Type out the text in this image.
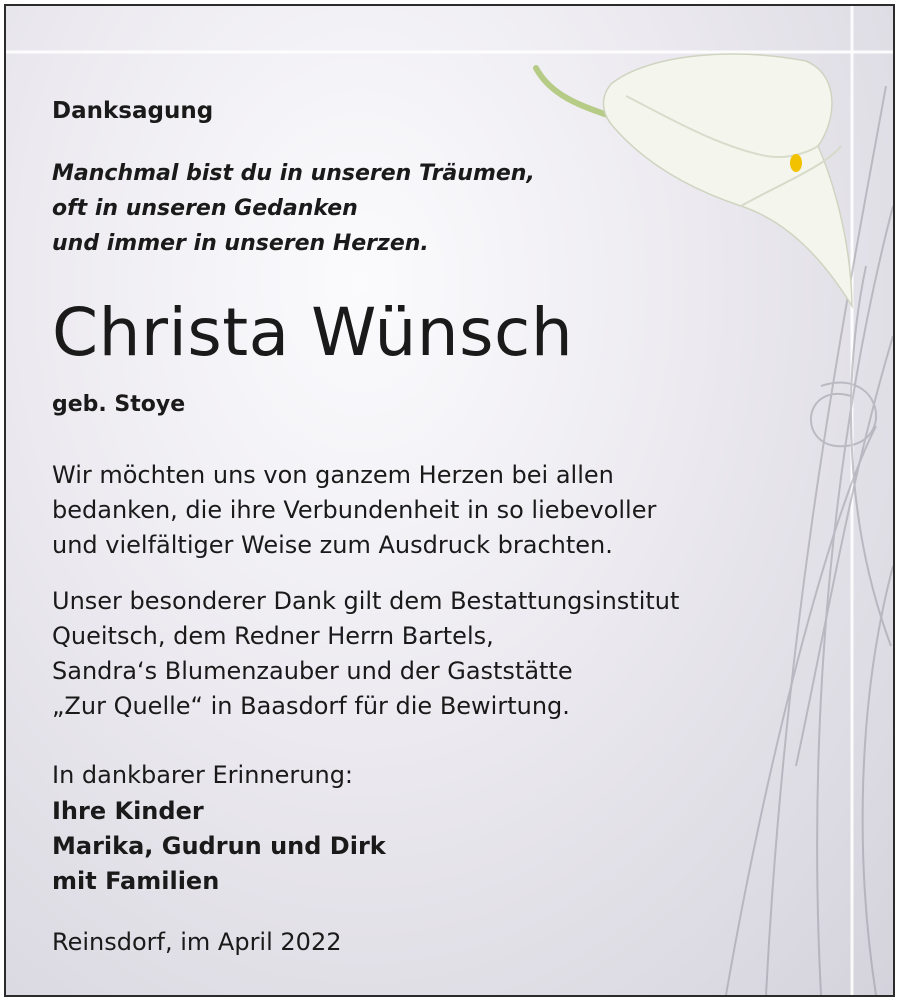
Danksagung
Manchmal bist du in unseren Träumen,
oft in unseren Gedanken
und immer in unseren Herzen.
Christa Wünsch
geb. Stoye
Wir möchten uns von ganzem Herzen bei allen
bedanken, die ihre Verbundenheit in so liebevoller
und vielfältiger Weise zum Ausdruck brachten.
Unser besonderer Dank gilt dem Bestattungsinstitut
Queitsch, dem Redner Herrn Bartels,
Sandra‘s Blumenzauber und der Gaststätte
„Zur Quelle“ in Baasdorf für die Bewirtung.
In dankbarer Erinnerung:
Ihre Kinder
Marika, Gudrun und Dirk
mit Familien
Reinsdorf, im April 2022
